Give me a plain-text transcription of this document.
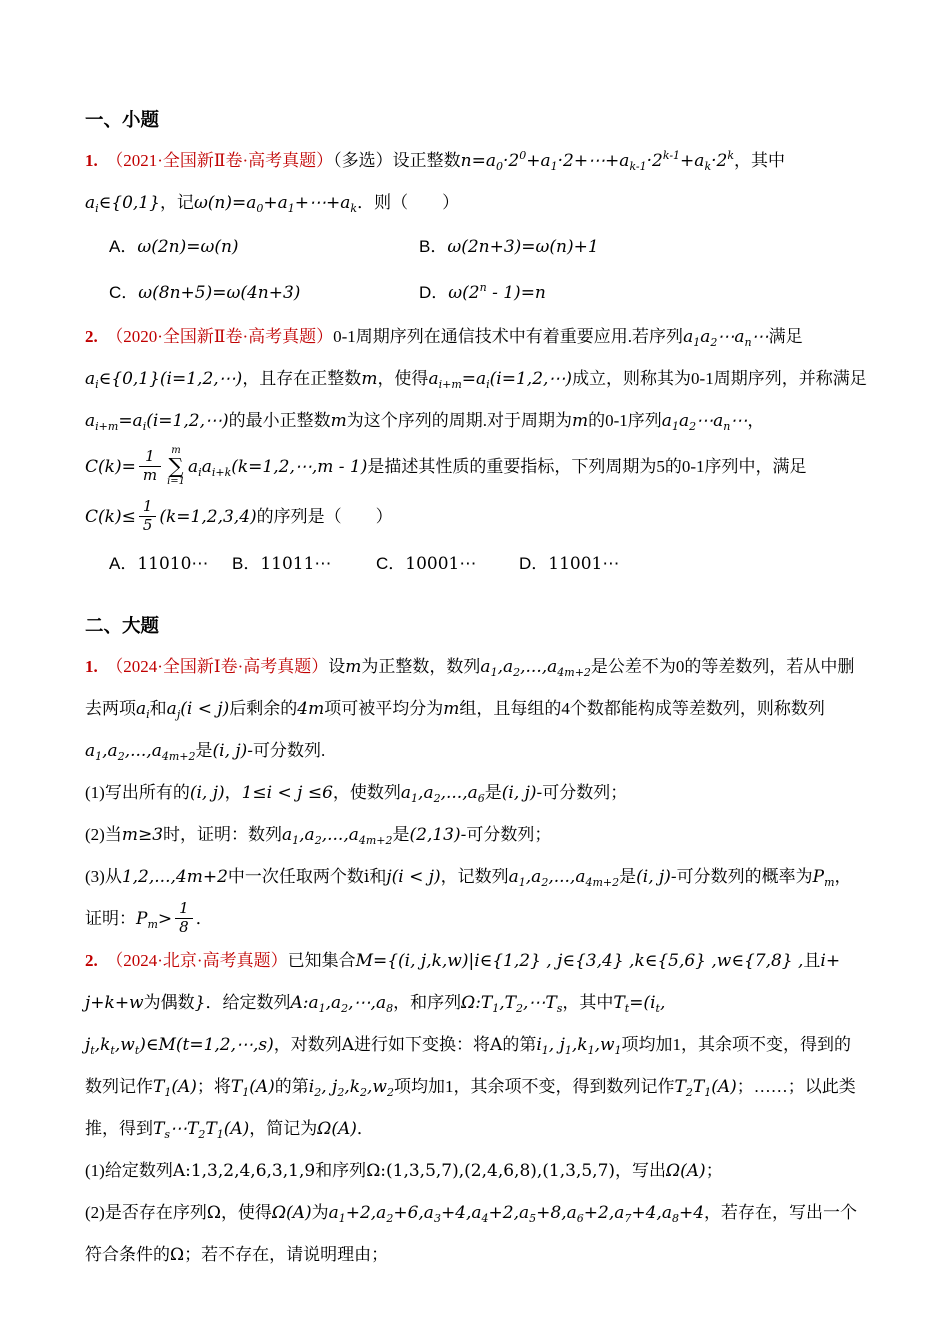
一、小题

1.　（2021·全国新Ⅱ卷·高考真题）（多选）设正整数$n=a_0\cdot 2^0+a_1\cdot 2+\cdots+a_{k-1}\cdot 2^{k-1}+a_k\cdot 2^k$，其中$a_i\in\{0,1\}$，记$\omega(n)=a_0+a_1+\cdots+a_k$．则（　　）

A．ω(2n)=ω(n)	B．ω(2n+3)=ω(n)+1
C．ω(8n+5)=ω(4n+3)	D．ω(2$^n$ - 1)=n

2.　（2020·全国新Ⅱ卷·高考真题）0-1周期序列在通信技术中有着重要应用.若序列$a_1a_2\cdots a_n\cdots$满足$a_i\in\{0,1\}(i=1,2,\cdots)$，且存在正整数m，使得$a_{i+m}=a_i(i=1,2,\cdots)$成立，则称其为0-1周期序列，并称满足$a_{i+m}=a_i(i=1,2,\cdots)$的最小正整数m为这个序列的周期.对于周期为m的0-1序列$a_1a_2\cdots a_n\cdots$，

$C(k)= \frac{1}{m}$	m
∑
i=1
$a_ia_{i+k}(k=1,2,\cdots,m - 1)$是描述其性质的重要指标，下列周期为5的0-1序列中，满足

$C(k)\le \frac{1}{5} (k=1,2,3,4)$的序列是（　　）

A．11010⋯	B．11011⋯	C．10001⋯	D．11001⋯
二、大题

1.　（2024·全国新Ⅰ卷·高考真题）设m为正整数，数列$a_1,a_2,...,a_{4m+2}$是公差不为0的等差数列，若从中删去两项$a_i$和$a_j(i < j)$后剩余的4m项可被平均分为m组，且每组的4个数都能构成等差数列，则称数列$a_1,a_2,...,a_{4m+2}$是(i, j)-可分数列.

(1)写出所有的(i, j)，1≤i < j ≤6，使数列$a_1,a_2,...,a_6$是(i, j)-可分数列；

(2)当m≥3时，证明：数列$a_1,a_2,...,a_{4m+2}$是(2,13)-可分数列；

(3)从1,2,...,4m+2中一次任取两个数i和j(i < j)，记数列$a_1,a_2,...,a_{4m+2}$是(i, j)-可分数列的概率为$P_m$，证明：$P_m> \frac{1}{8}$ ．

2.　（2024·北京·高考真题）已知集合M={(i, j,k,w)|i∈{1,2} , j∈{3,4} ,k∈{5,6} ,w∈{7,8} ,且i+ j+k+w为偶数}．给定数列$A:a_1,a_2,\cdots,a_8$，和序列$\Omega:T_1,T_2,\cdots T_s$，其中$T_t=(i_t$, $j_t,k_t,w_t)\in M(t=1,2,\cdots,s)$，对数列A进行如下变换：将A的第$i_1$, $j_1,k_1,w_1$项均加1，其余项不变，得到的数列记作$T_1(A)$；将$T_1(A)$的第$i_2$, $j_2,k_2,w_2$项均加1，其余项不变，得到数列记作$T_2T_1(A)$；……；以此类推，得到$T_s\cdots T_2T_1(A)$，简记为Ω(A)．

(1)给定数列A:1,3,2,4,6,3,1,9和序列Ω:(1,3,5,7),(2,4,6,8),(1,3,5,7)，写出Ω(A)；

(2)是否存在序列Ω，使得Ω(A)为$a_1+2,a_2+6,a_3+4,a_4+2,a_5+8,a_6+2,a_7+4,a_8+4$，若存在，写出一个符合条件的Ω；若不存在，请说明理由；
